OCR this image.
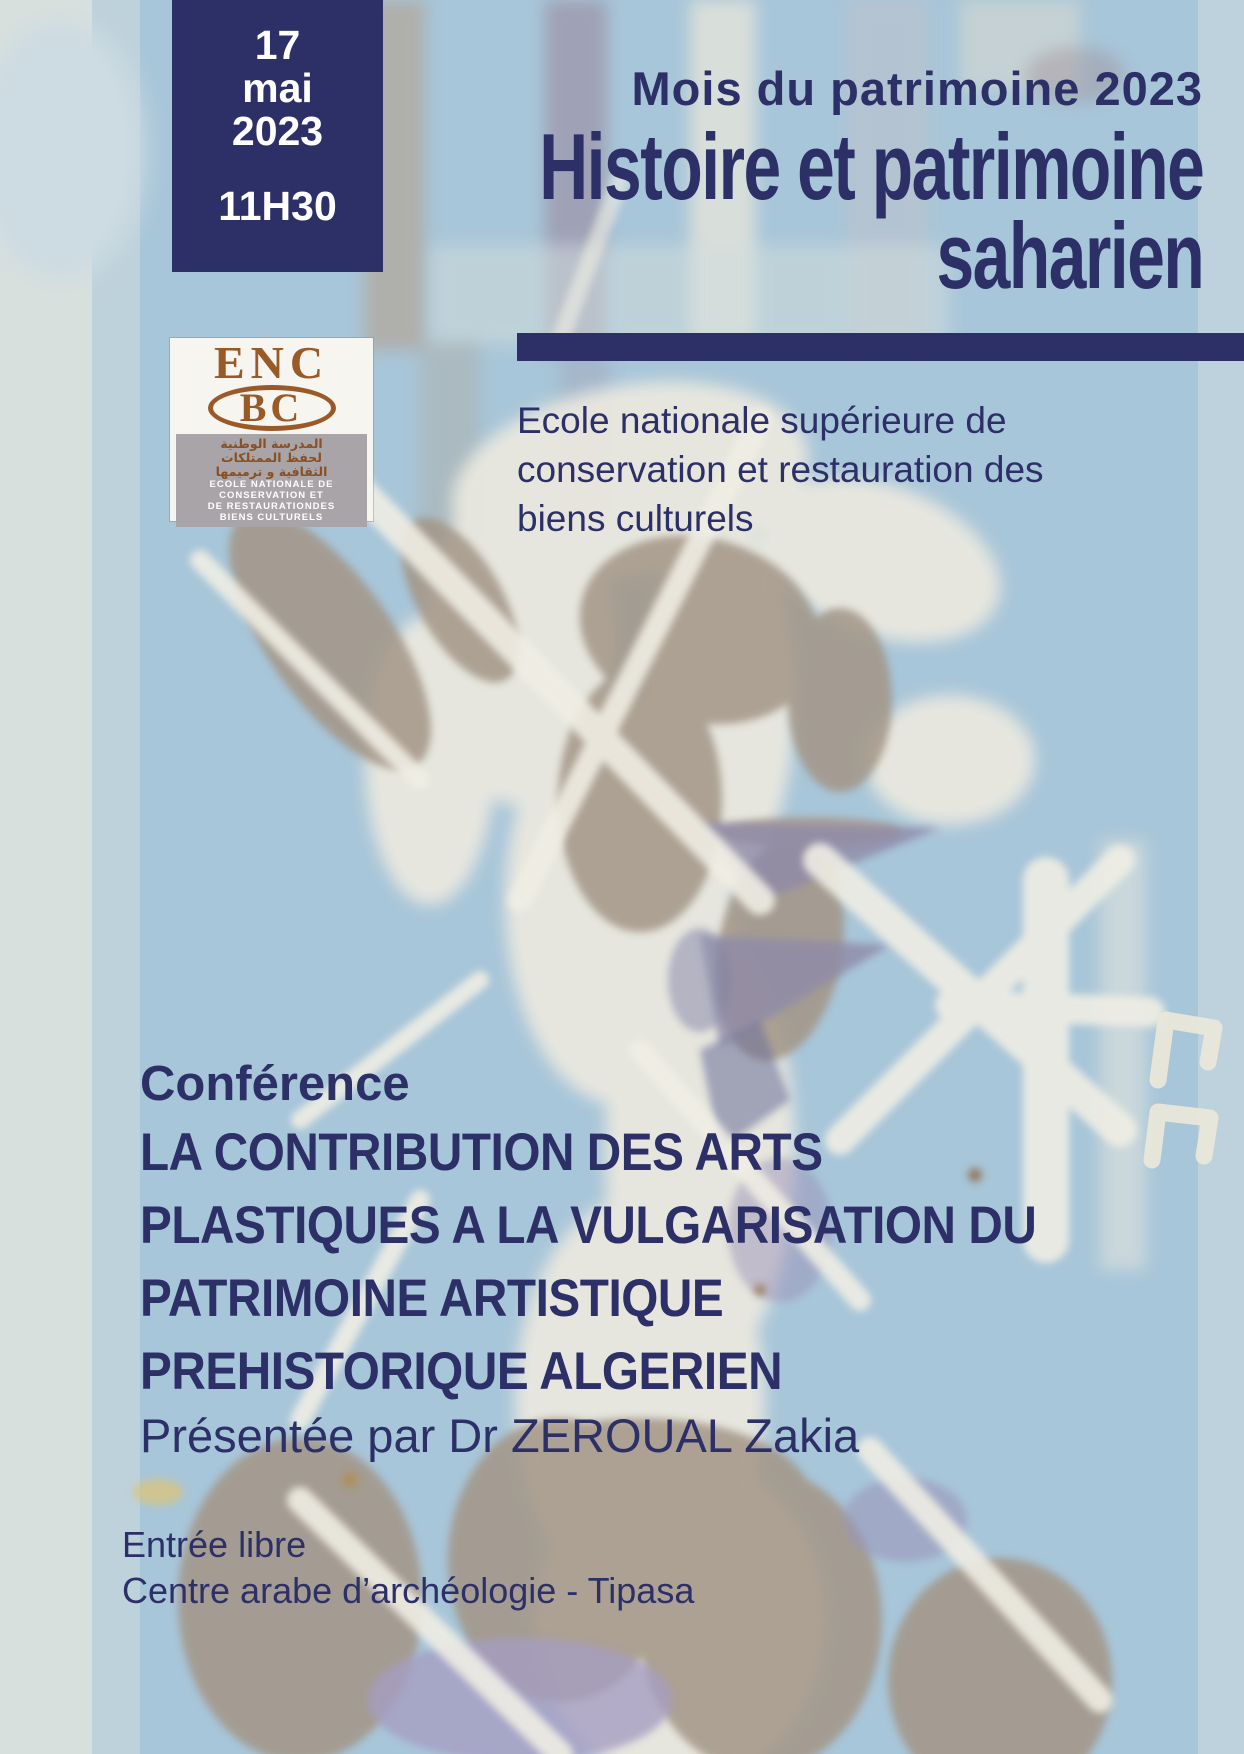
17
mai
2023
11H30
Mois du patrimoine 2023
Histoire et patrimoine
saharien
ENC
BC
المدرسة الوطنية
لحفظ الممتلكات
الثقافية و ترميمها
ECOLE NATIONALE DE
CONSERVATION ET
DE RESTAURATIONDES
BIENS CULTURELS
Ecole nationale supérieure de
conservation et restauration des
biens culturels
Conférence
LA CONTRIBUTION DES ARTS
PLASTIQUES A LA VULGARISATION DU
PATRIMOINE ARTISTIQUE
PREHISTORIQUE ALGERIEN
Présentée par Dr ZEROUAL Zakia
Entrée libre
Centre arabe d’archéologie - Tipasa
